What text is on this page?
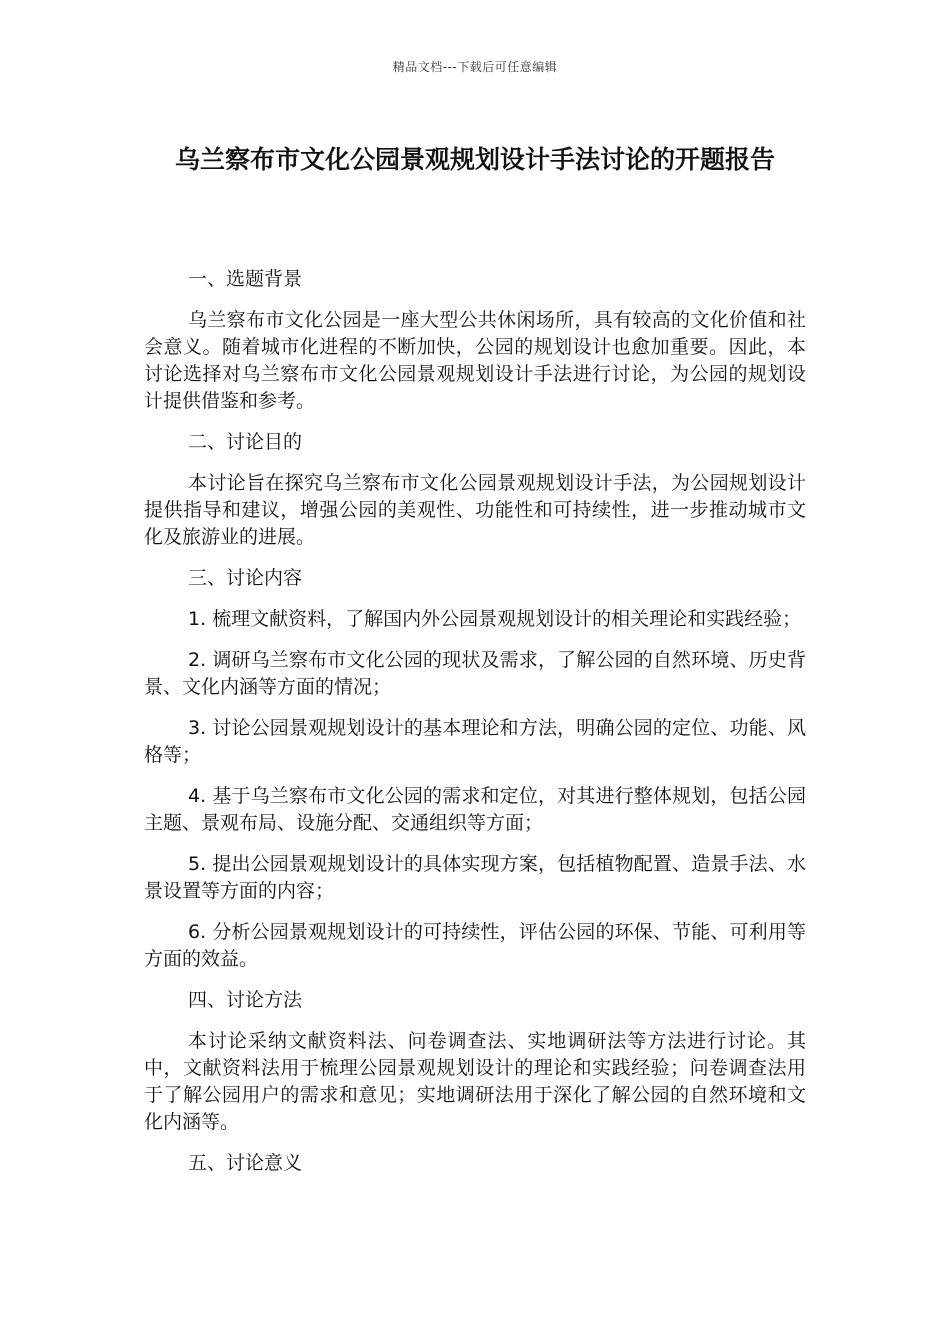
精品文档---下载后可任意编辑
乌兰察布市文化公园景观规划设计手法讨论的开题报告

一、选题背景

乌兰察布市文化公园是一座大型公共休闲场所，具有较高的文化价值和社会意义。随着城市化进程的不断加快，公园的规划设计也愈加重要。因此，本讨论选择对乌兰察布市文化公园景观规划设计手法进行讨论，为公园的规划设计提供借鉴和参考。

二、讨论目的

本讨论旨在探究乌兰察布市文化公园景观规划设计手法，为公园规划设计提供指导和建议，增强公园的美观性、功能性和可持续性，进一步推动城市文化及旅游业的进展。

三、讨论内容

1. 梳理文献资料，了解国内外公园景观规划设计的相关理论和实践经验；

2. 调研乌兰察布市文化公园的现状及需求，了解公园的自然环境、历史背景、文化内涵等方面的情况；

3. 讨论公园景观规划设计的基本理论和方法，明确公园的定位、功能、风格等；

4. 基于乌兰察布市文化公园的需求和定位，对其进行整体规划，包括公园主题、景观布局、设施分配、交通组织等方面；

5. 提出公园景观规划设计的具体实现方案，包括植物配置、造景手法、水景设置等方面的内容；

6. 分析公园景观规划设计的可持续性，评估公园的环保、节能、可利用等方面的效益。

四、讨论方法

本讨论采纳文献资料法、问卷调查法、实地调研法等方法进行讨论。其中，文献资料法用于梳理公园景观规划设计的理论和实践经验；问卷调查法用于了解公园用户的需求和意见；实地调研法用于深化了解公园的自然环境和文化内涵等。

五、讨论意义
